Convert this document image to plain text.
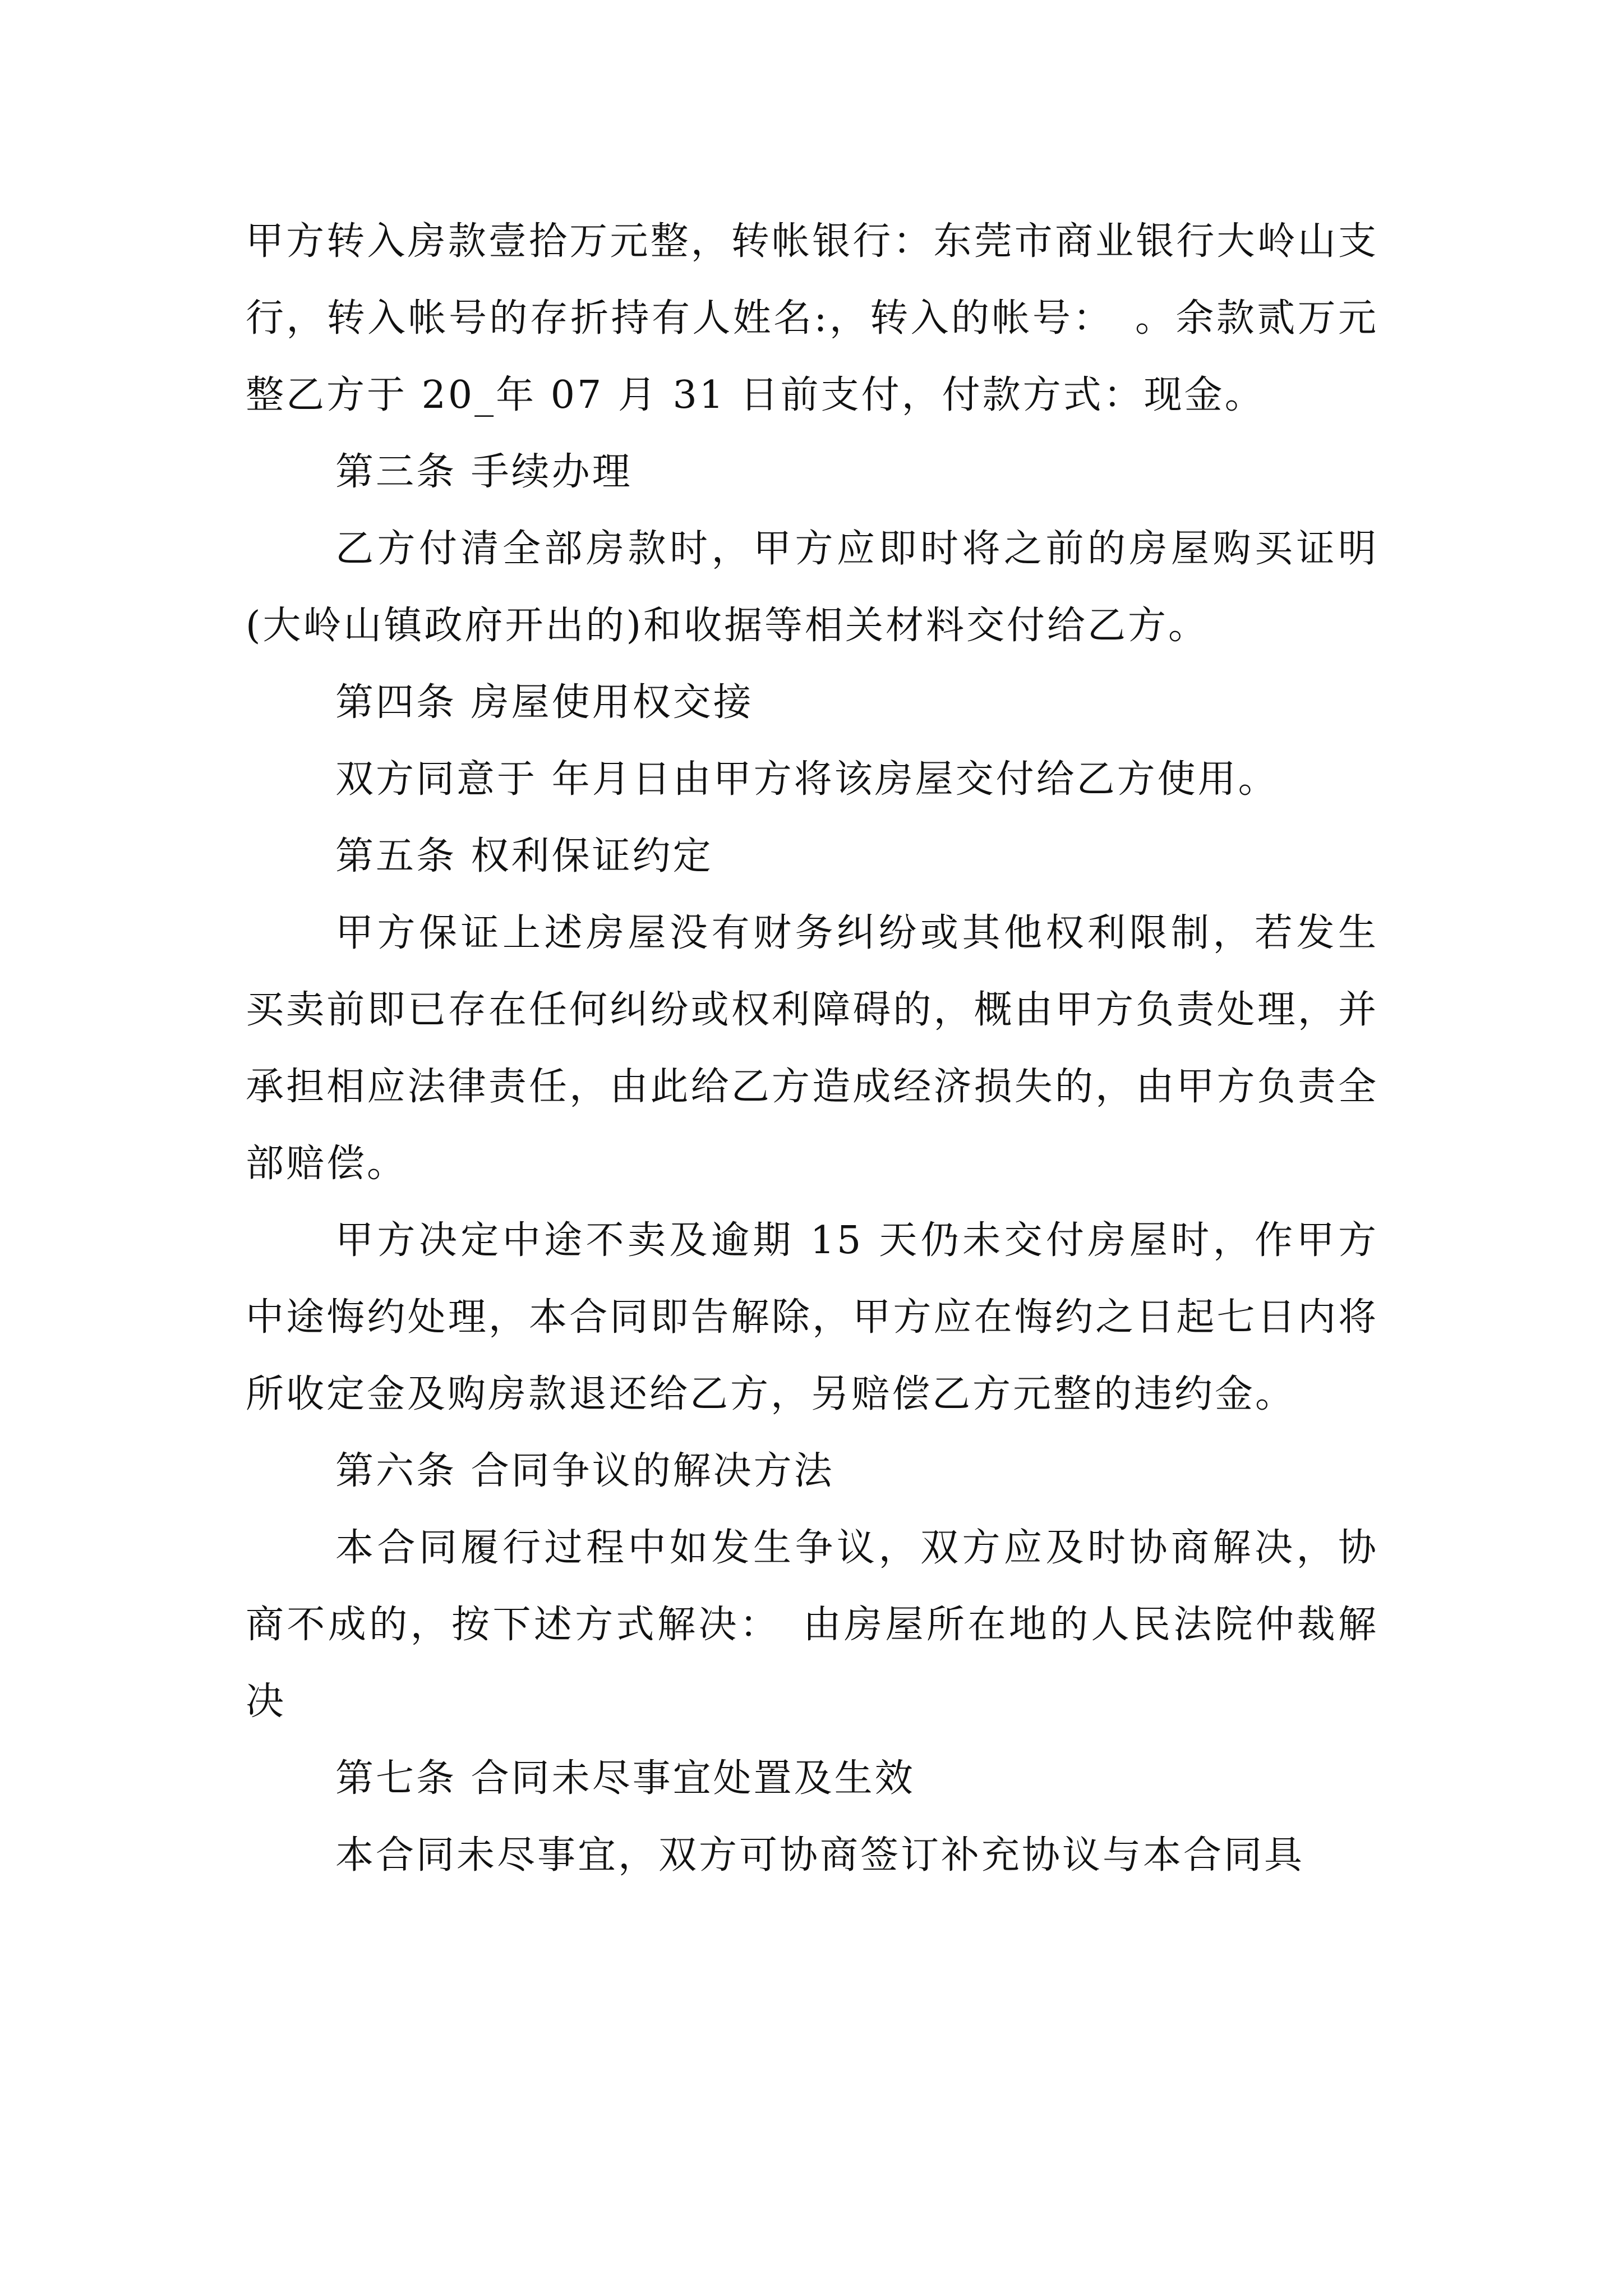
甲方转入房款壹拾万元整，转帐银行：东莞市商业银行大岭山支行，转入帐号的存折持有人姓名:，转入的帐号：　。余款贰万元整乙方于 20_年 07 月 31 日前支付，付款方式：现金。

第三条 手续办理

乙方付清全部房款时，甲方应即时将之前的房屋购买证明(大岭山镇政府开出的)和收据等相关材料交付给乙方。

第四条 房屋使用权交接

双方同意于 年月日由甲方将该房屋交付给乙方使用。

第五条 权利保证约定

甲方保证上述房屋没有财务纠纷或其他权利限制，若发生买卖前即已存在任何纠纷或权利障碍的，概由甲方负责处理，并承担相应法律责任，由此给乙方造成经济损失的，由甲方负责全部赔偿。

甲方决定中途不卖及逾期 15 天仍未交付房屋时，作甲方中途悔约处理，本合同即告解除，甲方应在悔约之日起七日内将所收定金及购房款退还给乙方，另赔偿乙方元整的违约金。

第六条 合同争议的解决方法

本合同履行过程中如发生争议，双方应及时协商解决，协商不成的，按下述方式解决：　由房屋所在地的人民法院仲裁解决

第七条 合同未尽事宜处置及生效

本合同未尽事宜，双方可协商签订补充协议与本合同具
